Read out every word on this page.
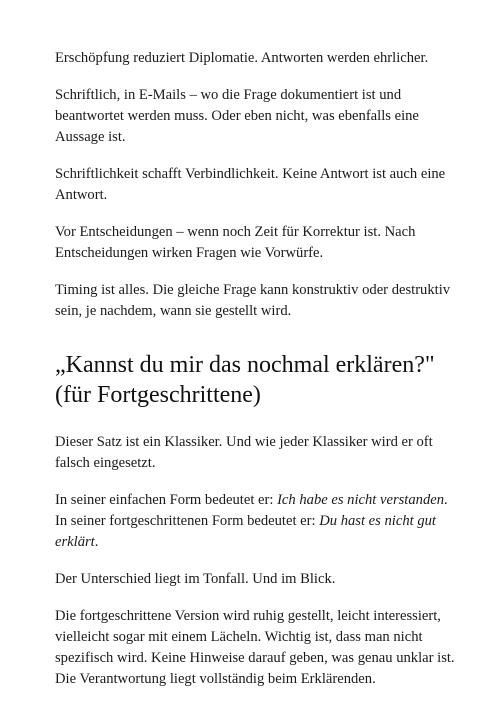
Erschöpfung reduziert Diplomatie. Antworten werden ehrlicher.

Schriftlich, in E-Mails – wo die Frage dokumentiert ist und beantwortet werden muss. Oder eben nicht, was ebenfalls eine Aussage ist.

Schriftlichkeit schafft Verbindlichkeit. Keine Antwort ist auch eine Antwort.

Vor Entscheidungen – wenn noch Zeit für Korrektur ist. Nach Entscheidungen wirken Fragen wie Vorwürfe.

Timing ist alles. Die gleiche Frage kann konstruktiv oder destruktiv sein, je nachdem, wann sie gestellt wird.

„Kannst du mir das nochmal erklären?" (für Fortgeschrittene)

Dieser Satz ist ein Klassiker. Und wie jeder Klassiker wird er oft falsch eingesetzt.

In seiner einfachen Form bedeutet er: Ich habe es nicht verstanden. In seiner fortgeschrittenen Form bedeutet er: Du hast es nicht gut erklärt.

Der Unterschied liegt im Tonfall. Und im Blick.

Die fortgeschrittene Version wird ruhig gestellt, leicht interessiert, vielleicht sogar mit einem Lächeln. Wichtig ist, dass man nicht spezifisch wird. Keine Hinweise darauf geben, was genau unklar ist. Die Verantwortung liegt vollständig beim Erklärenden.
